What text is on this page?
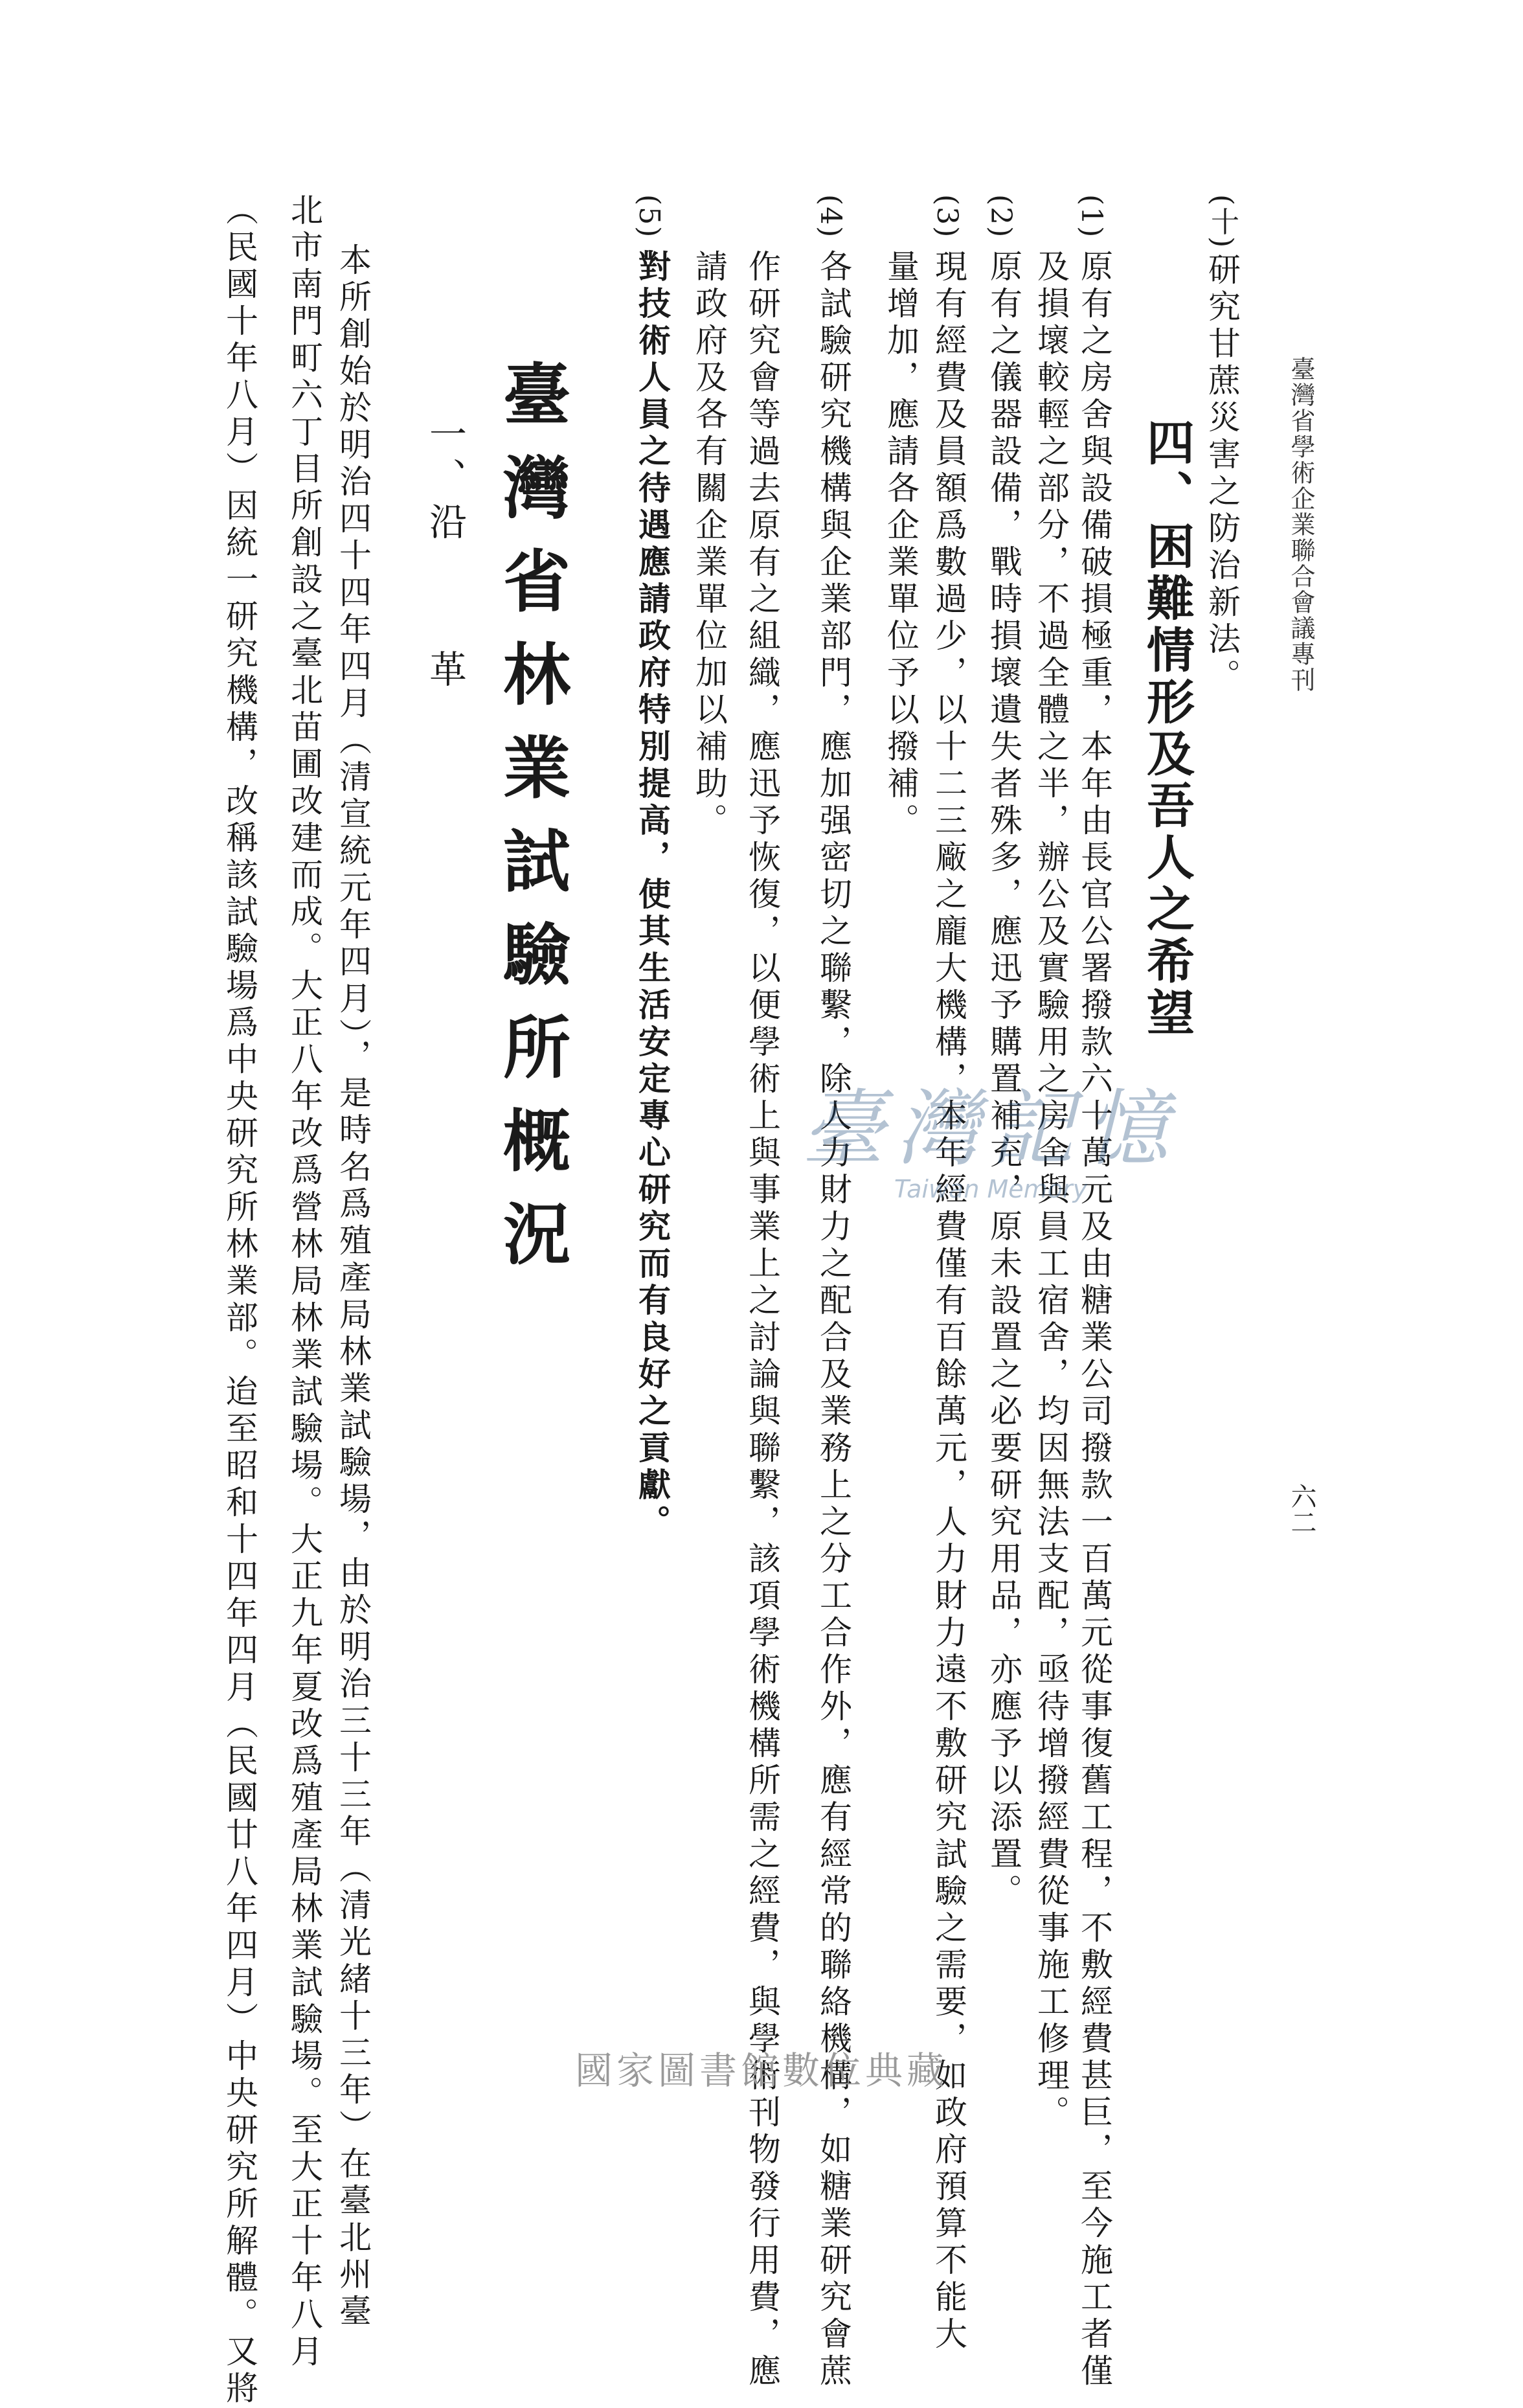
臺灣省學術企業聯合會議專刊
六二
(十)
研究甘蔗災害之防治新法。
四、困難情形及吾人之希望
(1)
原有之房舍與設備破損極重，本年由長官公署撥款六十萬元及由糖業公司撥款一百萬元從事復舊工程，不敷經費甚巨，至今施工者僅
及損壞較輕之部分，不過全體之半，辦公及實驗用之房舍與員工宿舍，均因無法支配，亟待增撥經費從事施工修理。
(2)
原有之儀器設備，戰時損壞遺失者殊多，應迅予購置補充，原未設置之必要研究用品，亦應予以添置。
(3)
現有經費及員額爲數過少，以十二三廠之龐大機構，本年經費僅有百餘萬元，人力財力遠不敷研究試驗之需要，如政府預算不能大
量增加，應請各企業單位予以撥補。
(4)
各試驗研究機構與企業部門，應加强密切之聯繫，除人力財力之配合及業務上之分工合作外，應有經常的聯絡機構，如糖業研究會蔗
作研究會等過去原有之組織，應迅予恢復，以便學術上與事業上之討論與聯繫，該項學術機構所需之經費，與學術刊物發行用費，應
請政府及各有關企業單位加以補助。
(5)
對技術人員之待遇應請政府特別提高，使其生活安定專心研究而有良好之貢獻。
臺灣省林業試驗所概況
一、
沿革
本所創始於明治四十四年四月（清宣統元年四月），是時名爲殖產局林業試驗場，由於明治三十三年（清光緒十三年）在臺北州臺
北市南門町六丁目所創設之臺北苗圃改建而成。大正八年改爲營林局林業試驗場。大正九年夏改爲殖產局林業試驗場。至大正十年八月
（民國十年八月）因統一研究機構，改稱該試驗場爲中央研究所林業部。迨至昭和十四年四月（民國廿八年四月）中央研究所解體。又將	臺灣記憶
Taiwan Memory
國家圖書館數位典藏
